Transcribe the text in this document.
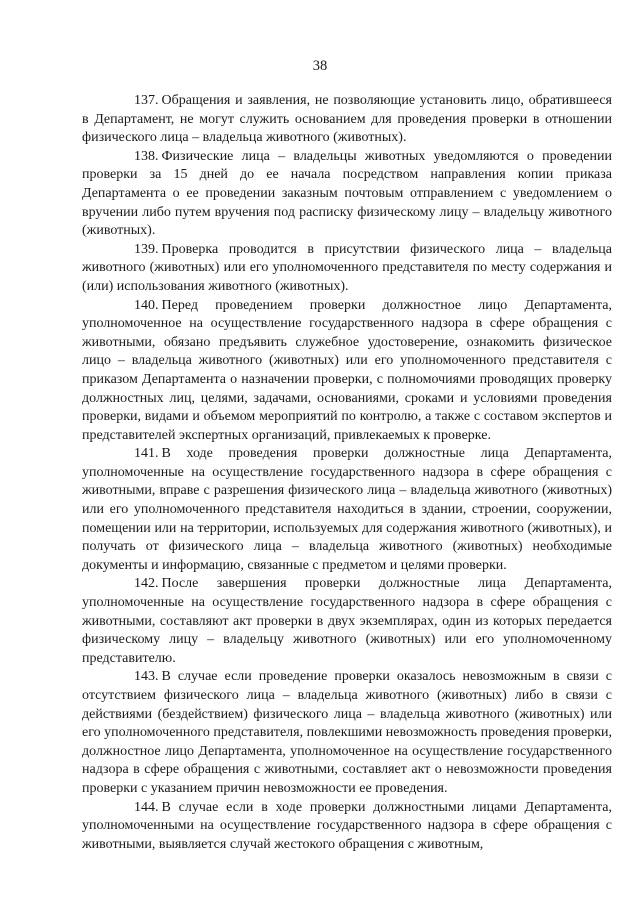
38

137. Обращения и заявления, не позволяющие установить лицо, обратившееся в Департамент, не могут служить основанием для проведения проверки в отношении физического лица – владельца животного (животных).

138. Физические лица – владельцы животных уведомляются о проведении проверки за 15 дней до ее начала посредством направления копии приказа Департамента о ее проведении заказным почтовым отправлением с уведомлением о вручении либо путем вручения под расписку физическому лицу – владельцу животного (животных).

139. Проверка проводится в присутствии физического лица – владельца животного (животных) или его уполномоченного представителя по месту содержания и (или) использования животного (животных).

140. Перед проведением проверки должностное лицо Департамента, уполномоченное на осуществление государственного надзора в сфере обращения с животными, обязано предъявить служебное удостоверение, ознакомить физическое лицо – владельца животного (животных) или его уполномоченного представителя с приказом Департамента о назначении проверки, с полномочиями проводящих проверку должностных лиц, целями, задачами, основаниями, сроками и условиями проведения проверки, видами и объемом мероприятий по контролю, а также с составом экспертов и представителей экспертных организаций, привлекаемых к проверке.

141. В ходе проведения проверки должностные лица Департамента, уполномоченные на осуществление государственного надзора в сфере обращения с животными, вправе с разрешения физического лица – владельца животного (животных) или его уполномоченного представителя находиться в здании, строении, сооружении, помещении или на территории, используемых для содержания животного (животных), и получать от физического лица – владельца животного (животных) необходимые документы и информацию, связанные с предметом и целями проверки.

142. После завершения проверки должностные лица Департамента, уполномоченные на осуществление государственного надзора в сфере обращения с животными, составляют акт проверки в двух экземплярах, один из которых передается физическому лицу – владельцу животного (животных) или его уполномоченному представителю.

143. В случае если проведение проверки оказалось невозможным в связи с отсутствием физического лица – владельца животного (животных) либо в связи с действиями (бездействием) физического лица – владельца животного (животных) или его уполномоченного представителя, повлекшими невозможность проведения проверки, должностное лицо Департамента, уполномоченное на осуществление государственного надзора в сфере обращения с животными, составляет акт о невозможности проведения проверки с указанием причин невозможности ее проведения.

144. В случае если в ходе проверки должностными лицами Департамента, уполномоченными на осуществление государственного надзора в сфере обращения с животными, выявляется случай жестокого обращения с животным,
